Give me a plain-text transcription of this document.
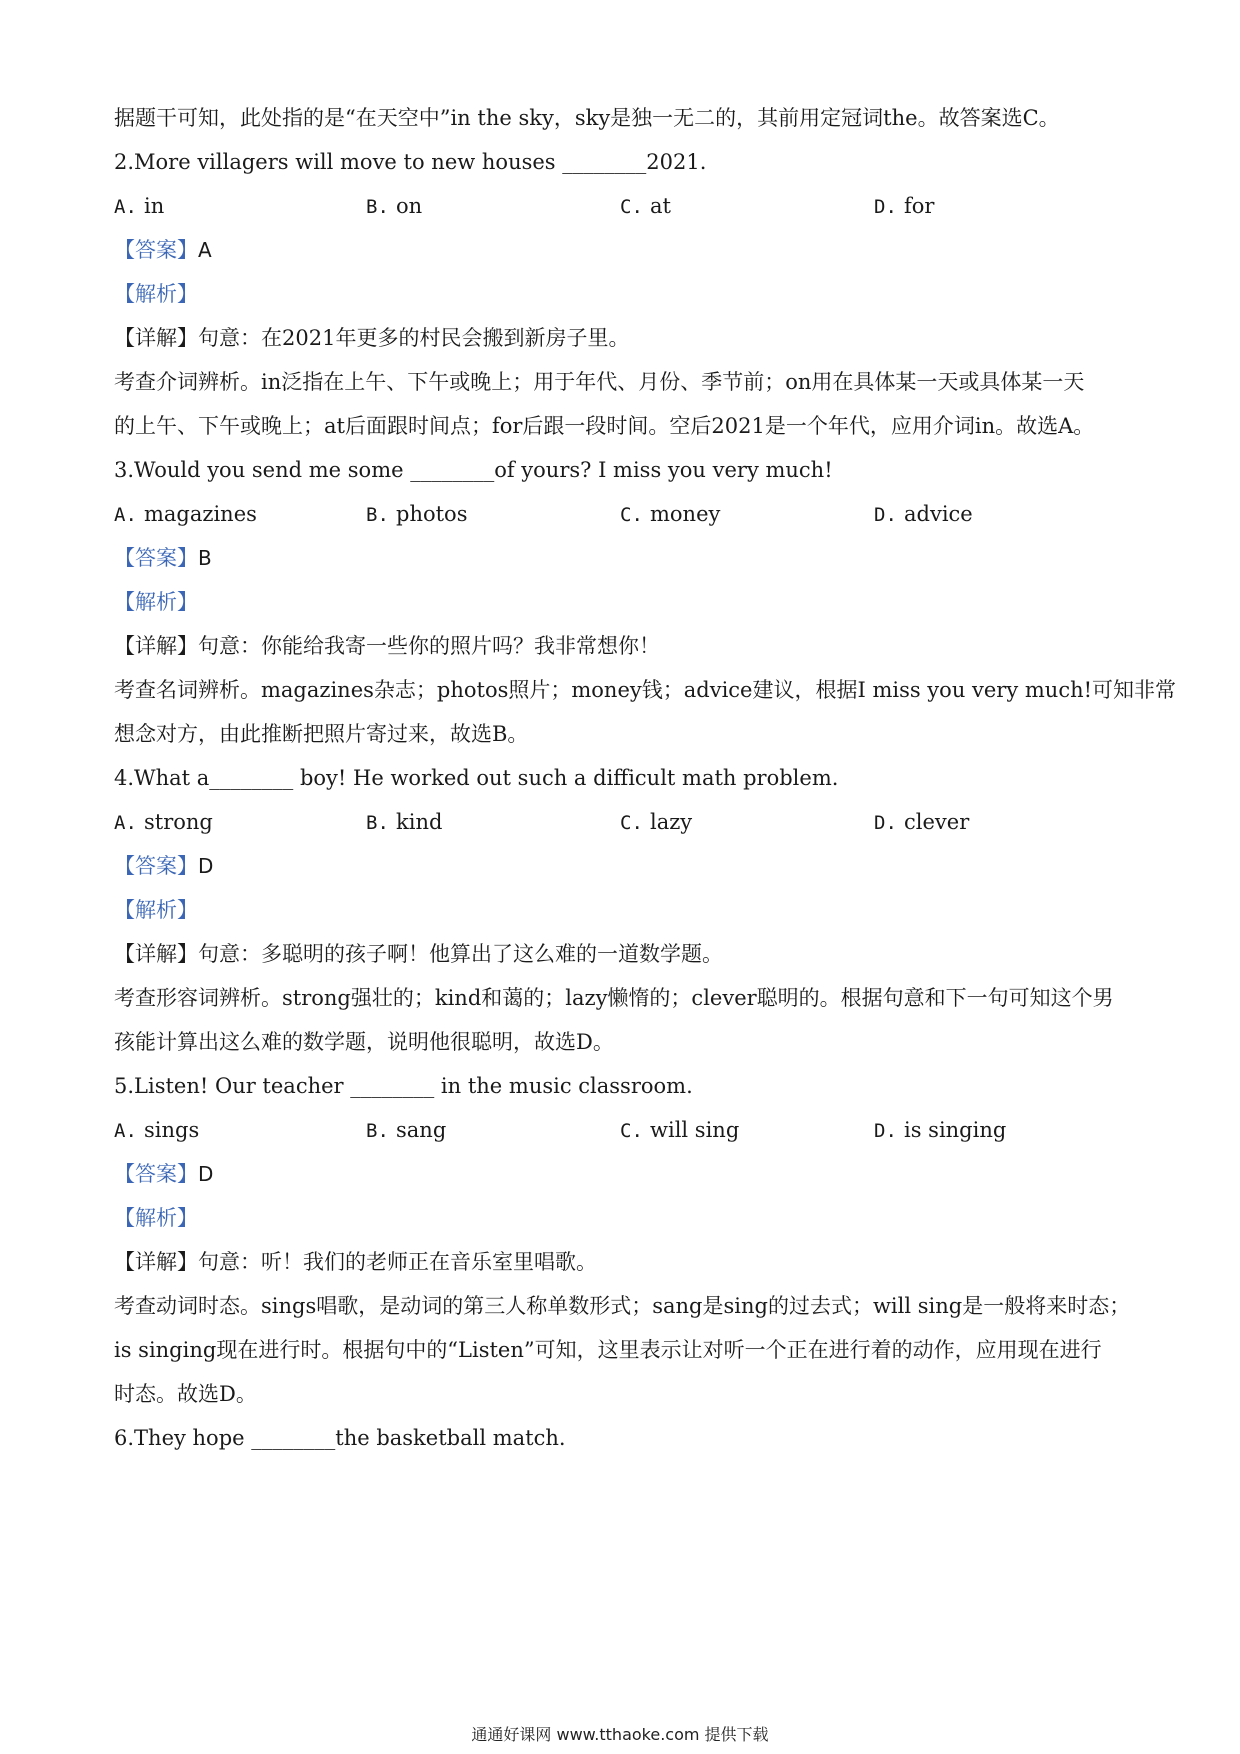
据题干可知，此处指的是“在天空中”in the sky，sky是独一无二的，其前用定冠词the。故答案选C。
2.More villagers will move to new houses ________2021.
A. in	B. on	C. at	D. for
【答案】A
【解析】
【详解】句意：在2021年更多的村民会搬到新房子里。
考查介词辨析。in泛指在上午、下午或晚上；用于年代、月份、季节前；on用在具体某一天或具体某一天
的上午、下午或晚上；at后面跟时间点；for后跟一段时间。空后2021是一个年代，应用介词in。故选A。
3.Would you send me some ________of yours? I miss you very much!
A. magazines	B. photos	C. money	D. advice
【答案】B
【解析】
【详解】句意：你能给我寄一些你的照片吗？我非常想你！
考查名词辨析。magazines杂志；photos照片；money钱；advice建议，根据I miss you very much!可知非常
想念对方，由此推断把照片寄过来，故选B。
4.What a________ boy! He worked out such a difficult math problem.
A. strong	B. kind	C. lazy	D. clever
【答案】D
【解析】
【详解】句意：多聪明的孩子啊！他算出了这么难的一道数学题。
考查形容词辨析。strong强壮的；kind和蔼的；lazy懒惰的；clever聪明的。根据句意和下一句可知这个男
孩能计算出这么难的数学题，说明他很聪明，故选D。
5.Listen! Our teacher ________ in the music classroom.
A. sings	B. sang	C. will sing	D. is singing
【答案】D
【解析】
【详解】句意：听！我们的老师正在音乐室里唱歌。
考查动词时态。sings唱歌，是动词的第三人称单数形式；sang是sing的过去式；will sing是一般将来时态；
is singing现在进行时。根据句中的“Listen”可知，这里表示让对听一个正在进行着的动作，应用现在进行
时态。故选D。
6.They hope ________the basketball match.
通通好课网 www.tthaoke.com 提供下载
